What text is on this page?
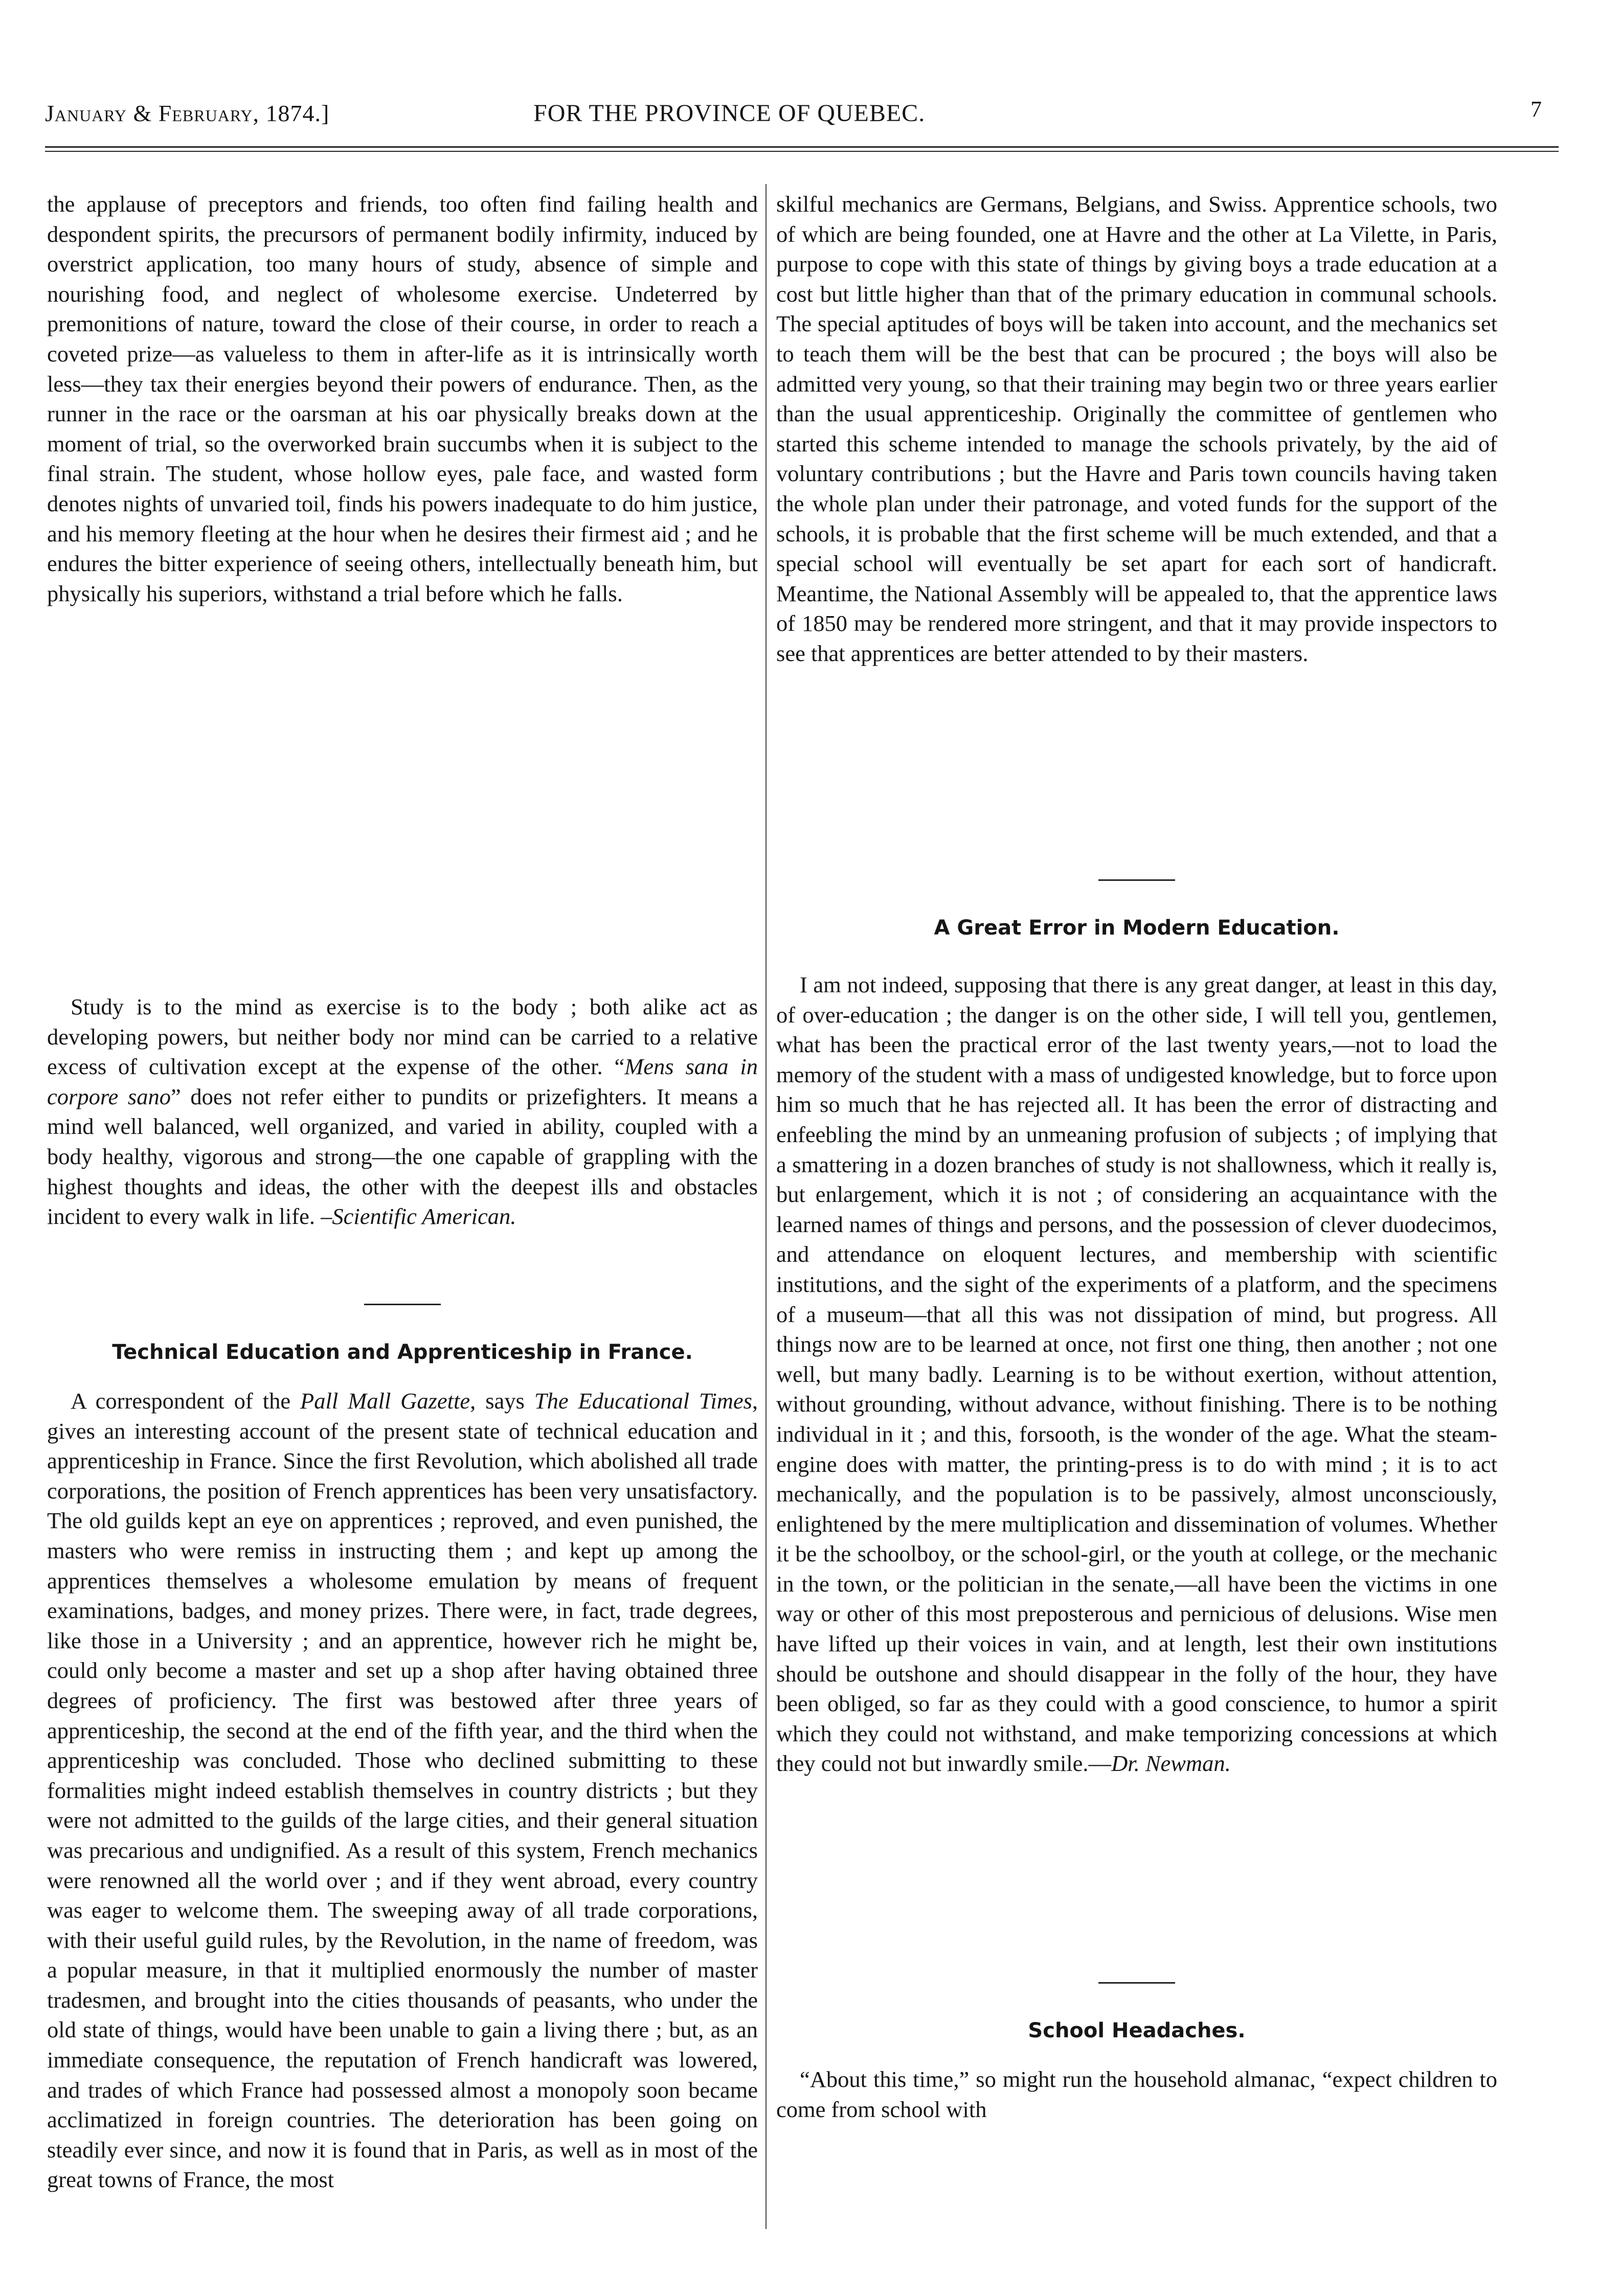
January & February, 1874.]	FOR THE PROVINCE OF QUEBEC.	7

the applause of preceptors and friends, too often find failing health and despondent spirits, the precursors of permanent bodily infirmity, induced by overstrict application, too many hours of study, absence of simple and nourishing food, and neglect of wholesome exercise. Undeterred by premonitions of nature, toward the close of their course, in order to reach a coveted prize—as valueless to them in after-life as it is intrinsically worth less—they tax their energies beyond their powers of endurance. Then, as the runner in the race or the oarsman at his oar physically breaks down at the moment of trial, so the overworked brain succumbs when it is subject to the final strain. The student, whose hollow eyes, pale face, and wasted form denotes nights of unvaried toil, finds his powers inadequate to do him justice, and his memory fleeting at the hour when he desires their firmest aid ; and he endures the bitter experience of seeing others, intellectually beneath him, but physically his superiors, withstand a trial before which he falls.

Study is to the mind as exercise is to the body ; both alike act as developing powers, but neither body nor mind can be carried to a relative excess of cultivation except at the expense of the other. “Mens sana in corpore sano” does not refer either to pundits or prizefighters. It means a mind well balanced, well organized, and varied in ability, coupled with a body healthy, vigorous and strong—the one capable of grappling with the highest thoughts and ideas, the other with the deepest ills and obstacles incident to every walk in life. –Scientific American.

Technical Education and Apprenticeship in France.

A correspondent of the Pall Mall Gazette, says The Educational Times, gives an interesting account of the present state of technical education and apprenticeship in France. Since the first Revolution, which abolished all trade corporations, the position of French apprentices has been very unsatisfactory. The old guilds kept an eye on apprentices ; reproved, and even punished, the masters who were remiss in instructing them ; and kept up among the apprentices themselves a wholesome emulation by means of frequent examinations, badges, and money prizes. There were, in fact, trade degrees, like those in a University ; and an apprentice, however rich he might be, could only become a master and set up a shop after having obtained three degrees of proficiency. The first was bestowed after three years of apprenticeship, the second at the end of the fifth year, and the third when the apprenticeship was concluded. Those who declined submitting to these formalities might indeed establish themselves in country districts ; but they were not admitted to the guilds of the large cities, and their general situation was precarious and undignified. As a result of this system, French mechanics were renowned all the world over ; and if they went abroad, every country was eager to welcome them. The sweeping away of all trade corporations, with their useful guild rules, by the Revolution, in the name of freedom, was a popular measure, in that it multiplied enormously the number of master tradesmen, and brought into the cities thousands of peasants, who under the old state of things, would have been unable to gain a living there ; but, as an immediate consequence, the reputation of French handicraft was lowered, and trades of which France had possessed almost a monopoly soon became acclimatized in foreign countries. The deterioration has been going on steadily ever since, and now it is found that in Paris, as well as in most of the great towns of France, the most

skilful mechanics are Germans, Belgians, and Swiss. Apprentice schools, two of which are being founded, one at Havre and the other at La Vilette, in Paris, purpose to cope with this state of things by giving boys a trade education at a cost but little higher than that of the primary education in communal schools. The special aptitudes of boys will be taken into account, and the mechanics set to teach them will be the best that can be procured ; the boys will also be admitted very young, so that their training may begin two or three years earlier than the usual apprenticeship. Originally the committee of gentlemen who started this scheme intended to manage the schools privately, by the aid of voluntary contributions ; but the Havre and Paris town councils having taken the whole plan under their patronage, and voted funds for the support of the schools, it is probable that the first scheme will be much extended, and that a special school will eventually be set apart for each sort of handicraft. Meantime, the National Assembly will be appealed to, that the apprentice laws of 1850 may be rendered more stringent, and that it may provide inspectors to see that apprentices are better attended to by their masters.

A Great Error in Modern Education.

I am not indeed, supposing that there is any great danger, at least in this day, of over-education ; the danger is on the other side, I will tell you, gentlemen, what has been the practical error of the last twenty years,—not to load the memory of the student with a mass of undigested knowledge, but to force upon him so much that he has rejected all. It has been the error of distracting and enfeebling the mind by an unmeaning profusion of subjects ; of implying that a smattering in a dozen branches of study is not shallowness, which it really is, but enlargement, which it is not ; of considering an acquaintance with the learned names of things and persons, and the possession of clever duodecimos, and attendance on eloquent lectures, and membership with scientific institutions, and the sight of the experiments of a platform, and the specimens of a museum—that all this was not dissipation of mind, but progress. All things now are to be learned at once, not first one thing, then another ; not one well, but many badly. Learning is to be without exertion, without attention, without grounding, without advance, without finishing. There is to be nothing individual in it ; and this, forsooth, is the wonder of the age. What the steam-engine does with matter, the printing-press is to do with mind ; it is to act mechanically, and the population is to be passively, almost unconsciously, enlightened by the mere multiplication and dissemination of volumes. Whether it be the schoolboy, or the school-girl, or the youth at college, or the mechanic in the town, or the politician in the senate,—all have been the victims in one way or other of this most preposterous and pernicious of delusions. Wise men have lifted up their voices in vain, and at length, lest their own institutions should be outshone and should disappear in the folly of the hour, they have been obliged, so far as they could with a good conscience, to humor a spirit which they could not withstand, and make temporizing concessions at which they could not but inwardly smile.—Dr. Newman.

School Headaches.

“About this time,” so might run the household almanac, “expect children to come from school with
